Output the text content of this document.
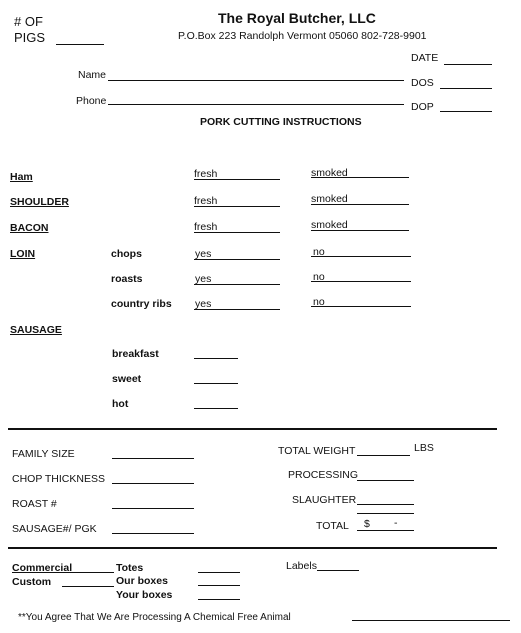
# OF
PIGS
The Royal Butcher, LLC
P.O.Box 223 Randolph Vermont 05060 802-728-9901
DATE
Name
DOS
Phone	DOP
PORK CUTTING INSTRUCTIONS
Ham	fresh	smoked
SHOULDER	fresh	smoked
BACON	fresh	smoked
LOIN	chops	yes	no
roasts	yes	no
country ribs yes	no
SAUSAGE
breakfast
sweet
hot
FAMILY SIZE
CHOP THICKNESS
ROAST #
SAUSAGE#/ PGK
TOTAL WEIGHT	LBS
PROCESSING
SLAUGHTER
TOTAL $ -
Commercial
Custom
Totes
Our boxes
Your boxes
Labels
**You Agree That We Are Processing A Chemical Free Animal
